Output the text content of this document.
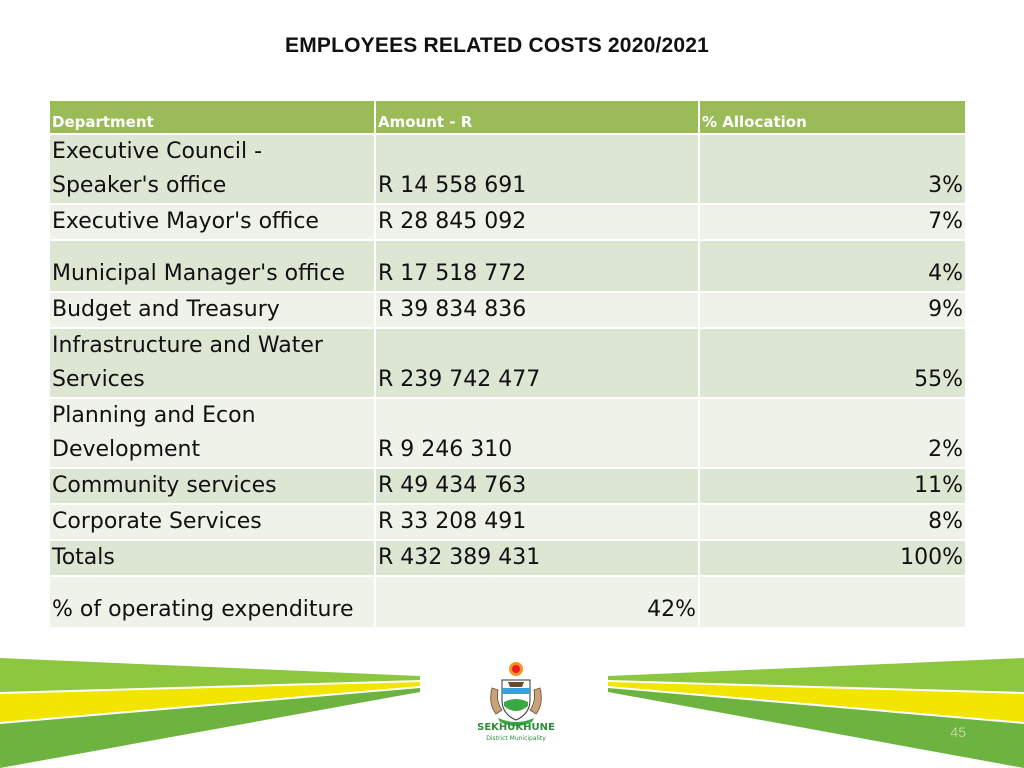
EMPLOYEES RELATED COSTS 2020/2021
Department	Amount - R	% Allocation
Executive Council - Speaker's office	R 14 558 691	3%
Executive Mayor's office	R 28 845 092	7%
Municipal Manager's office	R 17 518 772	4%
Budget and Treasury	R 39 834 836	9%
Infrastructure and Water Services	R 239 742 477	55%
Planning and Econ Development	R 9 246 310	2%
Community services	R 49 434 763	11%
Corporate Services	R 33 208 491	8%
Totals	R 432 389 431	100%
% of operating expenditure	42%	
SEKHUKHUNE
District Municipality	45
